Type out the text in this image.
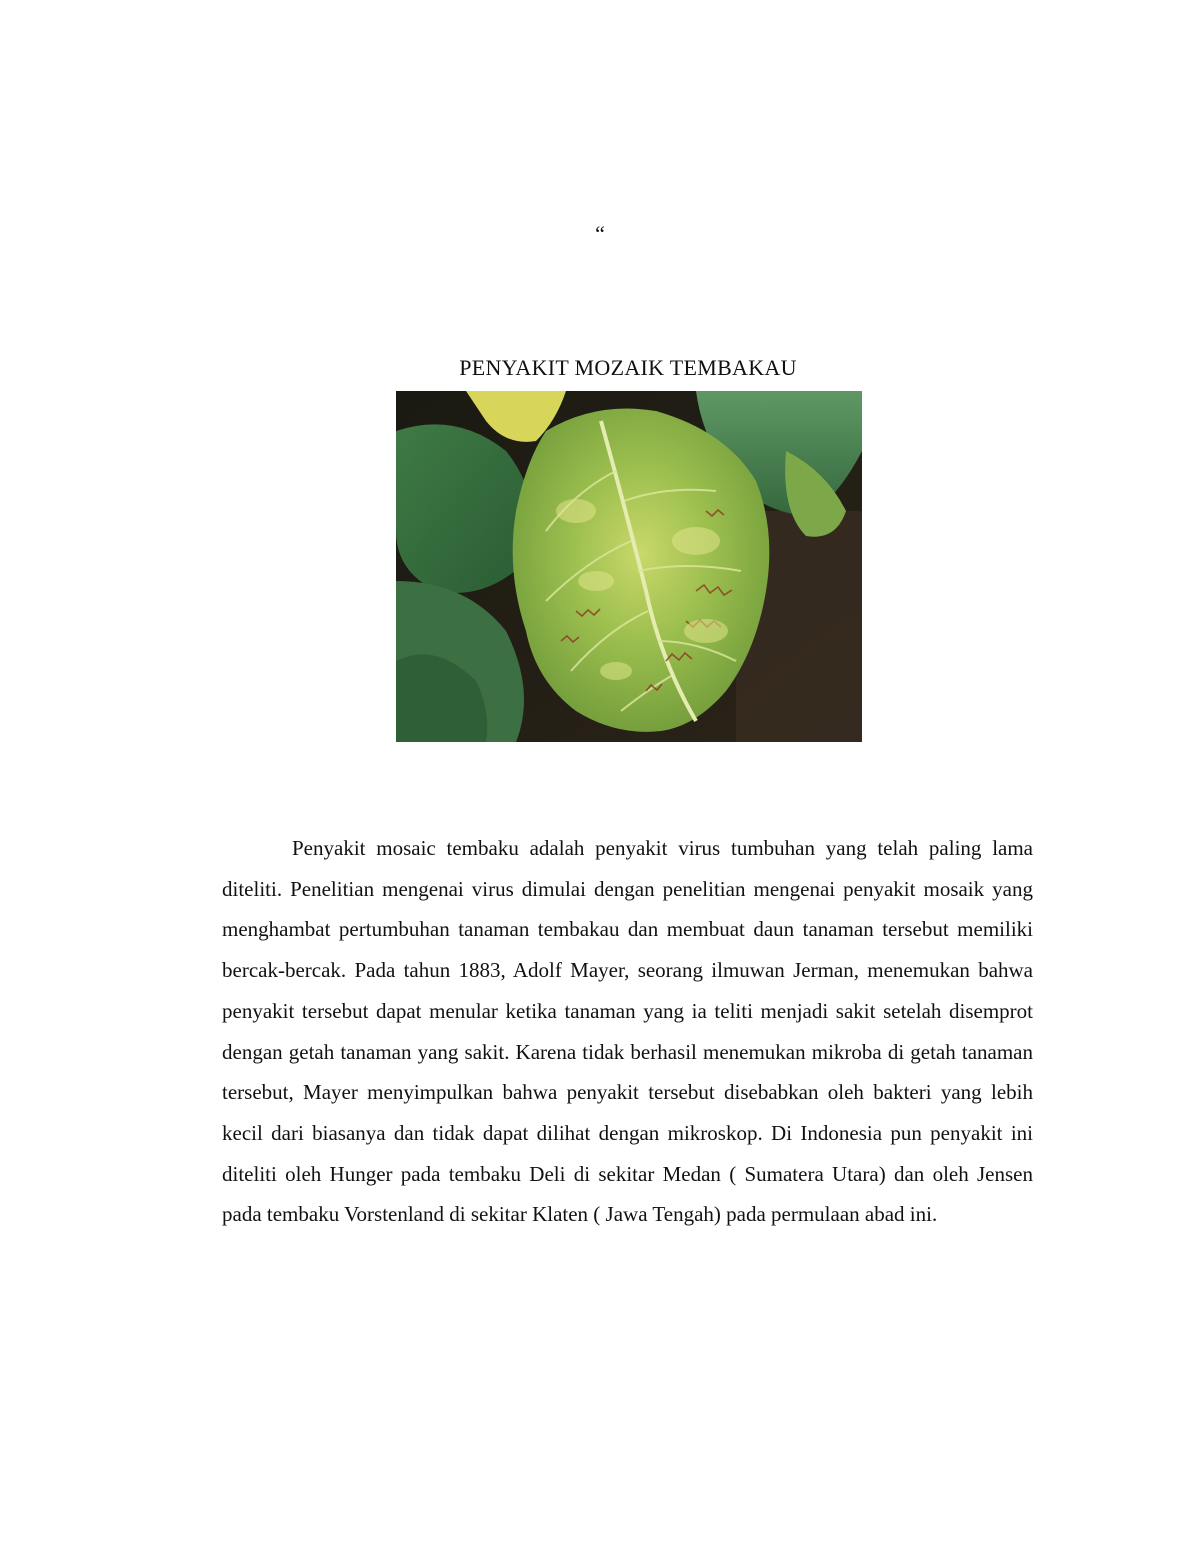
“
PENYAKIT MOZAIK TEMBAKAU

Penyakit mosaic tembaku adalah penyakit virus tumbuhan yang telah paling lama diteliti. Penelitian mengenai virus dimulai dengan penelitian mengenai penyakit mosaik yang menghambat pertumbuhan tanaman tembakau dan membuat daun tanaman tersebut memiliki bercak-bercak. Pada tahun 1883, Adolf Mayer, seorang ilmuwan Jerman, menemukan bahwa penyakit tersebut dapat menular ketika tanaman yang ia teliti menjadi sakit setelah disemprot dengan getah tanaman yang sakit. Karena tidak berhasil menemukan mikroba di getah tanaman tersebut, Mayer menyimpulkan bahwa penyakit tersebut disebabkan oleh bakteri yang lebih kecil dari biasanya dan tidak dapat dilihat dengan mikroskop. Di Indonesia pun penyakit ini diteliti oleh Hunger pada tembaku Deli di sekitar Medan ( Sumatera Utara) dan oleh Jensen pada tembaku Vorstenland di sekitar Klaten ( Jawa Tengah) pada permulaan abad ini.
